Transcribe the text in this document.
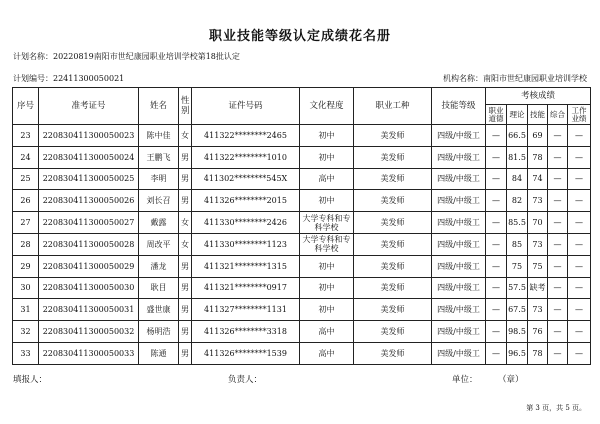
职业技能等级认定成绩花名册
计划名称：20220819南阳市世纪康园职业培训学校第18批认定
计划编号：22411300050021	机构名称：南阳市世纪康园职业培训学校
序号	准考证号	姓名	性别	证件号码	文化程度	职业工种	技能等级	考核成绩				
								职业道德	理论	技能	综合	工作业绩
23	220830411300050023	陈中佳	女	411322********2465	初中	美发师	四级/中级工	—	66.5	69	—	—
24	220830411300050024	王鹏飞	男	411322********1010	初中	美发师	四级/中级工	—	81.5	78	—	—
25	220830411300050025	李明	男	411302********545X	高中	美发师	四级/中级工	—	84	74	—	—
26	220830411300050026	刘长召	男	411326********2015	初中	美发师	四级/中级工	—	82	73	—	—
27	220830411300050027	戴露	女	411330********2426	大学专科和专科学校	美发师	四级/中级工	—	85.5	70	—	—
28	220830411300050028	周改平	女	411330********1123	大学专科和专科学校	美发师	四级/中级工	—	85	73	—	—
29	220830411300050029	潘龙	男	411321********1315	初中	美发师	四级/中级工	—	75	75	—	—
30	220830411300050030	耿目	男	411321********0917	初中	美发师	四级/中级工	—	57.5	缺考	—	—
31	220830411300050031	盛世康	男	411327********1131	初中	美发师	四级/中级工	—	67.5	73	—	—
32	220830411300050032	杨明浩	男	411326********3318	高中	美发师	四级/中级工	—	98.5	76	—	—
33	220830411300050033	陈通	男	411326********1539	高中	美发师	四级/中级工	—	96.5	78	—	—
填报人：	负责人：	单位： （章）
第 3 页，共 5 页。
